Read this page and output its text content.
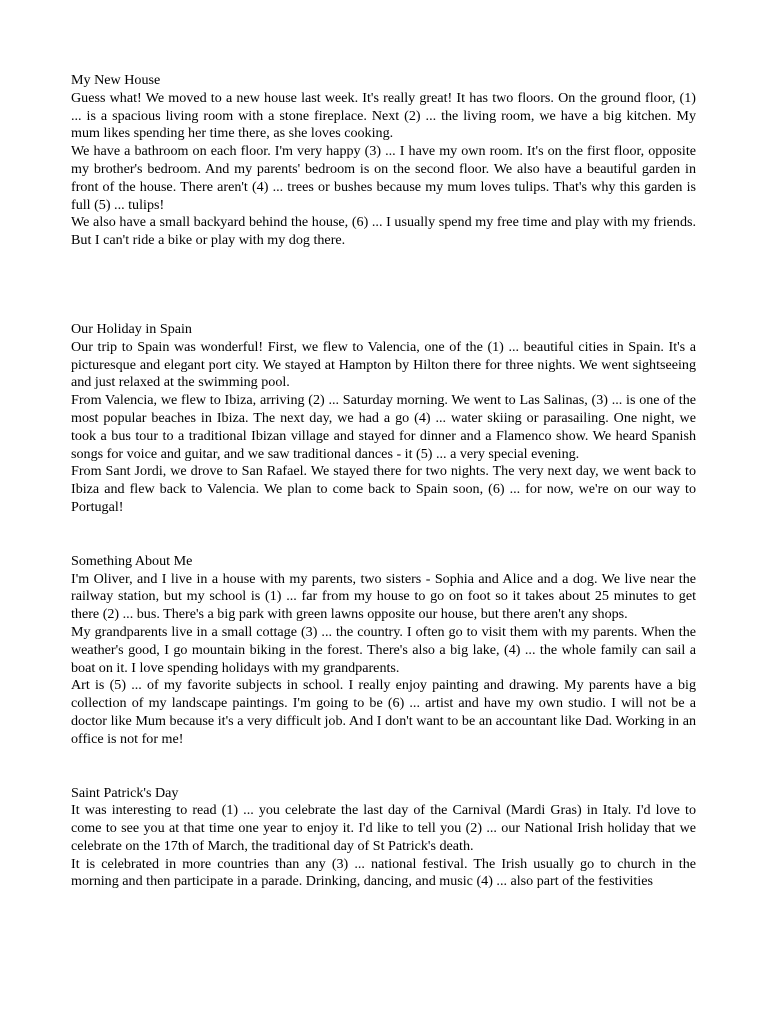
My New House

Guess what! We moved to a new house last week. It's really great! It has two floors. On the ground floor, (1) ... is a spacious living room with a stone fireplace. Next (2) ... the living room, we have a big kitchen. My mum likes spending her time there, as she loves cooking.

We have a bathroom on each floor. I'm very happy (3) ... I have my own room. It's on the first floor, opposite my brother's bedroom. And my parents' bedroom is on the second floor. We also have a beautiful garden in front of the house. There aren't (4) ... trees or bushes because my mum loves tulips. That's why this garden is full (5) ... tulips!

We also have a small backyard behind the house, (6) ... I usually spend my free time and play with my friends. But I can't ride a bike or play with my dog there.

Our Holiday in Spain

Our trip to Spain was wonderful! First, we flew to Valencia, one of the (1) ... beautiful cities in Spain. It's a picturesque and elegant port city. We stayed at Hampton by Hilton there for three nights. We went sightseeing and just relaxed at the swimming pool.

From Valencia, we flew to Ibiza, arriving (2) ... Saturday morning. We went to Las Salinas, (3) ... is one of the most popular beaches in Ibiza. The next day, we had a go (4) ... water skiing or parasailing. One night, we took a bus tour to a traditional Ibizan village and stayed for dinner and a Flamenco show. We heard Spanish songs for voice and guitar, and we saw traditional dances - it (5) ... a very special evening.

From Sant Jordi, we drove to San Rafael. We stayed there for two nights. The very next day, we went back to Ibiza and flew back to Valencia. We plan to come back to Spain soon, (6) ... for now, we're on our way to Portugal!

Something About Me

I'm Oliver, and I live in a house with my parents, two sisters - Sophia and Alice and a dog. We live near the railway station, but my school is (1) ... far from my house to go on foot so it takes about 25 minutes to get there (2) ... bus. There's a big park with green lawns opposite our house, but there aren't any shops.

My grandparents live in a small cottage (3) ... the country. I often go to visit them with my parents. When the weather's good, I go mountain biking in the forest. There's also a big lake, (4) ... the whole family can sail a boat on it. I love spending holidays with my grandparents.

Art is (5) ... of my favorite subjects in school. I really enjoy painting and drawing. My parents have a big collection of my landscape paintings. I'm going to be (6) ... artist and have my own studio. I will not be a doctor like Mum because it's a very difficult job. And I don't want to be an accountant like Dad. Working in an office is not for me!

Saint Patrick's Day

It was interesting to read (1) ... you celebrate the last day of the Carnival (Mardi Gras) in Italy. I'd love to come to see you at that time one year to enjoy it. I'd like to tell you (2) ... our National Irish holiday that we celebrate on the 17th of March, the traditional day of St Patrick's death.

It is celebrated in more countries than any (3) ... national festival. The Irish usually go to church in the morning and then participate in a parade. Drinking, dancing, and music (4) ... also part of the festivities
